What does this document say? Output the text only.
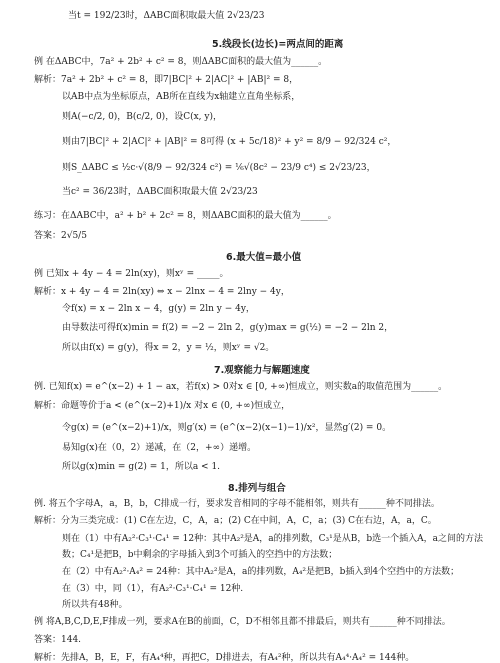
当t = 192/23时，ΔABC面积取最大值 2√23/23
5.线段长(边长)=两点间的距离
例 在ΔABC中，7a² + 2b² + c² = 8，则ΔABC面积的最大值为______。
解析：7a² + 2b² + c² = 8，即7|BC|² + 2|AC|² + |AB|² = 8，
以AB中点为坐标原点，AB所在直线为x轴建立直角坐标系，
则A(−c/2, 0)，B(c/2, 0)，设C(x, y)，
则由7|BC|² + 2|AC|² + |AB|² = 8可得 (x + 5c/18)² + y² = 8/9 − 92/324 c²，
则S_ΔABC ≤ ½c·√(8/9 − 92/324 c²) = ⅙√(8c² − 23/9 c⁴) ≤ 2√23/23，
当c² = 36/23时，ΔABC面积取最大值 2√23/23
练习：在ΔABC中，a² + b² + 2c² = 8，则ΔABC面积的最大值为______。
答案：2√5/5
6.最大值=最小值
例 已知x + 4y − 4 = 2ln(xy)，则xʸ = _____。
解析：x + 4y − 4 = 2ln(xy) ⇔ x − 2lnx − 4 = 2lny − 4y，
令f(x) = x − 2ln x − 4，g(y) = 2ln y − 4y，
由导数法可得f(x)min = f(2) = −2 − 2ln 2，g(y)max = g(½) = −2 − 2ln 2，
所以由f(x) = g(y)，得x = 2，y = ½，则xʸ = √2。
7.观察能力与解题速度
例. 已知f(x) = e^(x−2) + 1 − ax，若f(x) > 0对x ∈ [0, +∞)恒成立，则实数a的取值范围为______。
解析：命题等价于a < (e^(x−2)+1)/x 对x ∈ (0, +∞)恒成立，
令g(x) = (e^(x−2)+1)/x，则g′(x) = (e^(x−2)(x−1)−1)/x²，显然g′(2) = 0。
易知g(x)在（0，2）递减，在（2，+∞）递增。
所以g(x)min = g(2) = 1，所以a < 1.
8.排列与组合
例. 将五个字母A，a，B，b，C排成一行，要求发音相同的字母不能相邻，则共有______种不同排法。
解析：分为三类完成：(1) C在左边，C，A，a；(2) C在中间，A，C，a；(3) C在右边，A，a，C。
则在（1）中有A₂²·C₃¹·C₄¹ = 12种：其中A₂²是A，a的排列数，C₃¹是从B，b选一个插入A，a之间的方法
数；C₄¹是把B，b中剩余的字母插入到3个可插入的空挡中的方法数；
在（2）中有A₂²·A₄² = 24种：其中A₂²是A，a的排列数，A₄²是把B，b插入到4个空挡中的方法数；
在（3）中，同（1），有A₂²·C₃¹·C₄¹ = 12种.
所以共有48种。
例 将A,B,C,D,E,F排成一列，要求A在B的前面，C，D不相邻且都不排最后，则共有______种不同排法。
答案：144.
解析：先排A，B，E，F，有A₄⁴种，再把C，D排进去，有A₄²种，所以共有A₄⁴·A₄² = 144种。
